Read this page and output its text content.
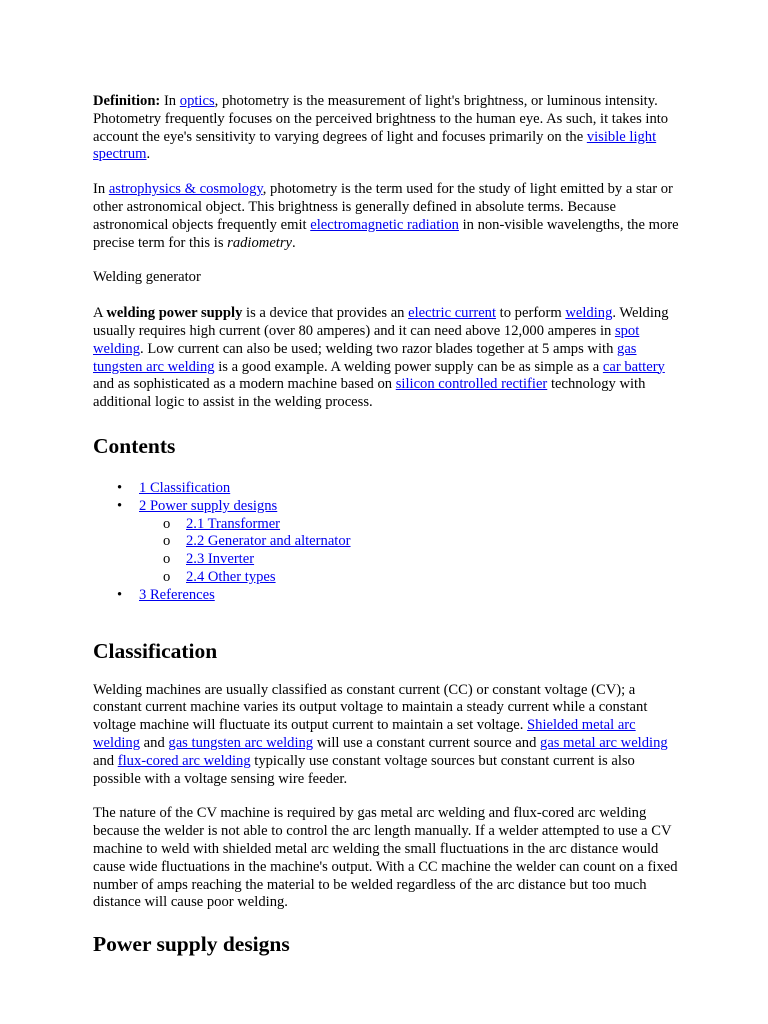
Definition: In optics, photometry is the measurement of light's brightness, or luminous intensity. Photometry frequently focuses on the perceived brightness to the human eye. As such, it takes into account the eye's sensitivity to varying degrees of light and focuses primarily on the visible light spectrum.

In astrophysics & cosmology, photometry is the term used for the study of light emitted by a star or other astronomical object. This brightness is generally defined in absolute terms. Because astronomical objects frequently emit electromagnetic radiation in non-visible wavelengths, the more precise term for this is radiometry.

Welding generator

A welding power supply is a device that provides an electric current to perform welding. Welding usually requires high current (over 80 amperes) and it can need above 12,000 amperes in spot welding. Low current can also be used; welding two razor blades together at 5 amps with gas tungsten arc welding is a good example. A welding power supply can be as simple as a car battery and as sophisticated as a modern machine based on silicon controlled rectifier technology with additional logic to assist in the welding process.

Contents
• 1 Classification
• 2 Power supply designs
o 2.1 Transformer
o 2.2 Generator and alternator
o 2.3 Inverter
o 2.4 Other types
• 3 References
Classification

Welding machines are usually classified as constant current (CC) or constant voltage (CV); a constant current machine varies its output voltage to maintain a steady current while a constant voltage machine will fluctuate its output current to maintain a set voltage. Shielded metal arc welding and gas tungsten arc welding will use a constant current source and gas metal arc welding and flux-cored arc welding typically use constant voltage sources but constant current is also possible with a voltage sensing wire feeder.

The nature of the CV machine is required by gas metal arc welding and flux-cored arc welding because the welder is not able to control the arc length manually. If a welder attempted to use a CV machine to weld with shielded metal arc welding the small fluctuations in the arc distance would cause wide fluctuations in the machine's output. With a CC machine the welder can count on a fixed number of amps reaching the material to be welded regardless of the arc distance but too much distance will cause poor welding.

Power supply designs
